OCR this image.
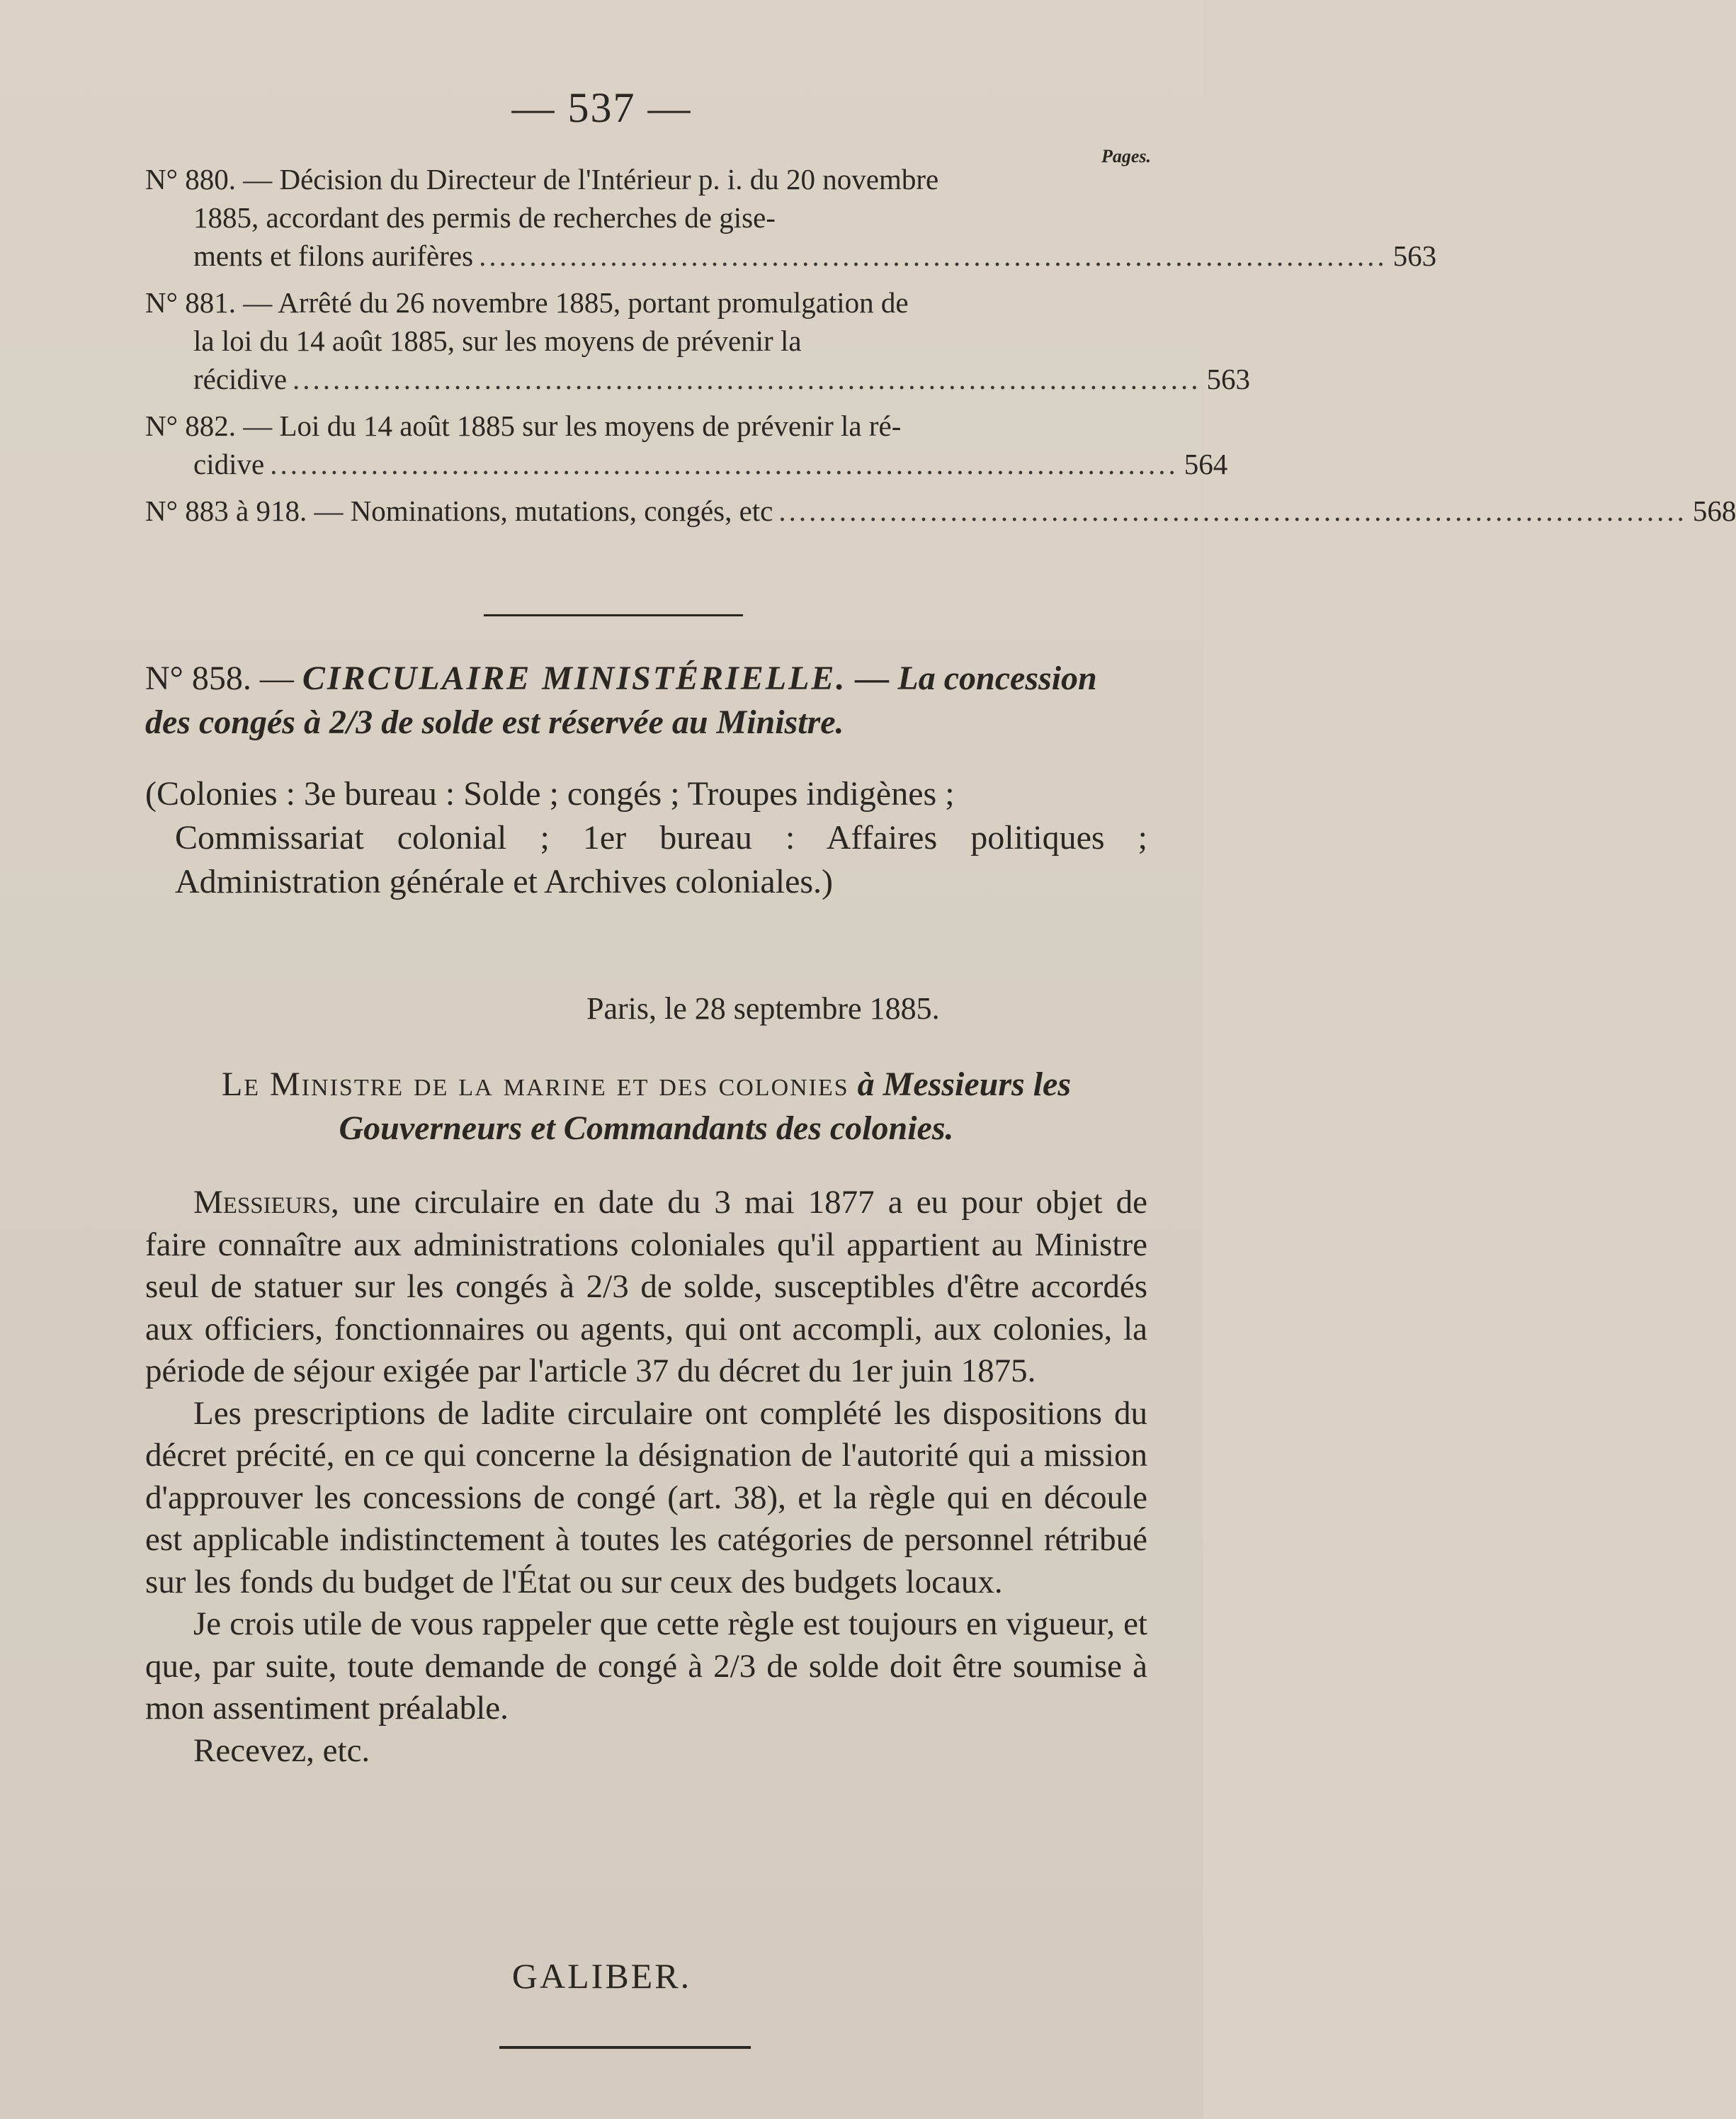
— 537 —
Pages.
N° 880. — Décision du Directeur de l'Intérieur p. i. du 20 novembre
1885, accordant des permis de recherches de gise-
ments et filons aurifères .......................................................................................... 563
N° 881. — Arrêté du 26 novembre 1885, portant promulgation de
la loi du 14 août 1885, sur les moyens de prévenir la
récidive .......................................................................................... 563
N° 882. — Loi du 14 août 1885 sur les moyens de prévenir la ré-
cidive .......................................................................................... 564
N° 883 à 918. — Nominations, mutations, congés, etc .......................................................................................... 568
N° 858. — CIRCULAIRE MINISTÉRIELLE. — La concession des congés à 2/3 de solde est réservée au Ministre.
(Colonies : 3e bureau : Solde ; congés ; Troupes indigènes ;
Commissariat colonial ; 1er bureau : Affaires politiques ; Administration générale et Archives coloniales.)
Paris, le 28 septembre 1885.
Le Ministre de la marine et des colonies à Messieurs les Gouverneurs et Commandants des colonies.

Messieurs, une circulaire en date du 3 mai 1877 a eu pour objet de faire connaître aux administrations coloniales qu'il appartient au Ministre seul de statuer sur les congés à 2/3 de solde, susceptibles d'être accordés aux officiers, fonctionnaires ou agents, qui ont accompli, aux colonies, la période de séjour exigée par l'article 37 du décret du 1er juin 1875.

Les prescriptions de ladite circulaire ont complété les dispositions du décret précité, en ce qui concerne la désignation de l'autorité qui a mission d'approuver les concessions de congé (art. 38), et la règle qui en découle est applicable indistinctement à toutes les catégories de personnel rétribué sur les fonds du budget de l'État ou sur ceux des budgets locaux.

Je crois utile de vous rappeler que cette règle est toujours en vigueur, et que, par suite, toute demande de congé à 2/3 de solde doit être soumise à mon assentiment préalable.

Recevez, etc.

GALIBER.
